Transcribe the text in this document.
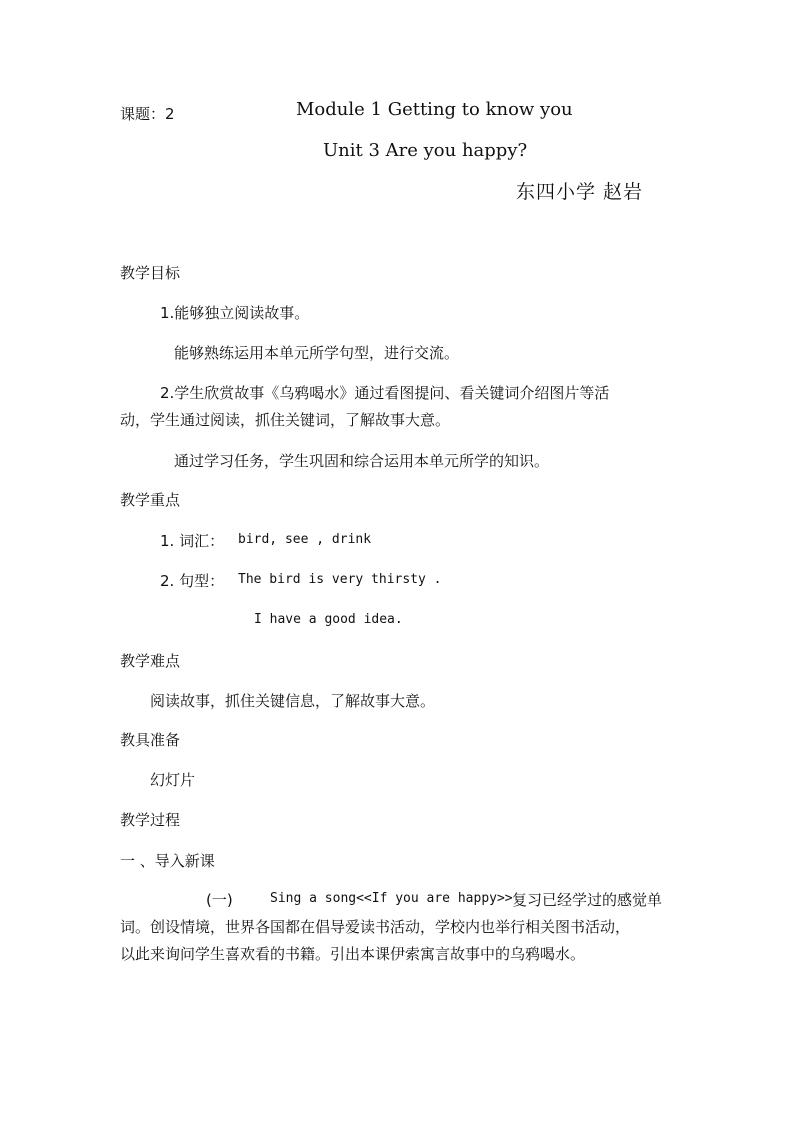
课题：2	Module 1 Getting to know you
Unit 3 Are you happy?
东四小学 赵岩
教学目标
1.能够独立阅读故事。
能够熟练运用本单元所学句型，进行交流。
2.学生欣赏故事《乌鸦喝水》通过看图提问、看关键词介绍图片等活
动，学生通过阅读，抓住关键词，了解故事大意。
通过学习任务，学生巩固和综合运用本单元所学的知识。
教学重点
1. 词汇： bird, see , drink
2. 句型： The bird is very thirsty .
I have a good idea.
教学难点
阅读故事，抓住关键信息，了解故事大意。
教具准备
幻灯片
教学过程
一 、导入新课
(一)	Sing a song<<If you are happy>> 复习已经学过的感觉单
词。创设情境，世界各国都在倡导爱读书活动，学校内也举行相关图书活动，
以此来询问学生喜欢看的书籍。引出本课伊索寓言故事中的乌鸦喝水。
